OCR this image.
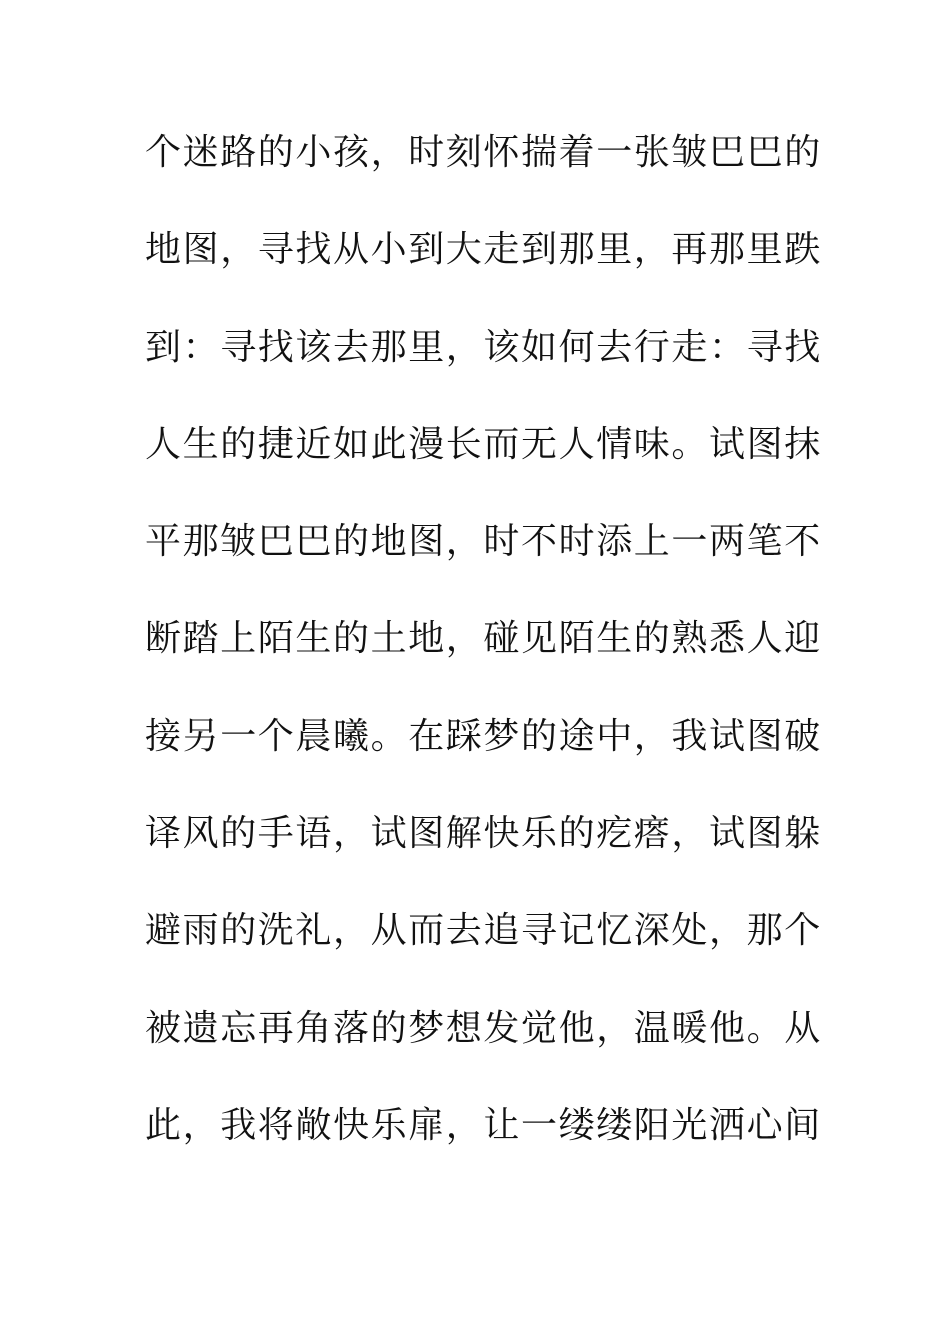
个迷路的小孩，时刻怀揣着一张皱巴巴的
地图，寻找从小到大走到那里，再那里跌
到：寻找该去那里，该如何去行走：寻找
人生的捷近如此漫长而无人情味。试图抹
平那皱巴巴的地图，时不时添上一两笔不
断踏上陌生的土地，碰见陌生的熟悉人迎
接另一个晨曦。在踩梦的途中，我试图破
译风的手语，试图解快乐的疙瘩，试图躲
避雨的洗礼，从而去追寻记忆深处，那个
被遗忘再角落的梦想发觉他，温暖他。从
此，我将敞快乐扉，让一缕缕阳光洒心间
